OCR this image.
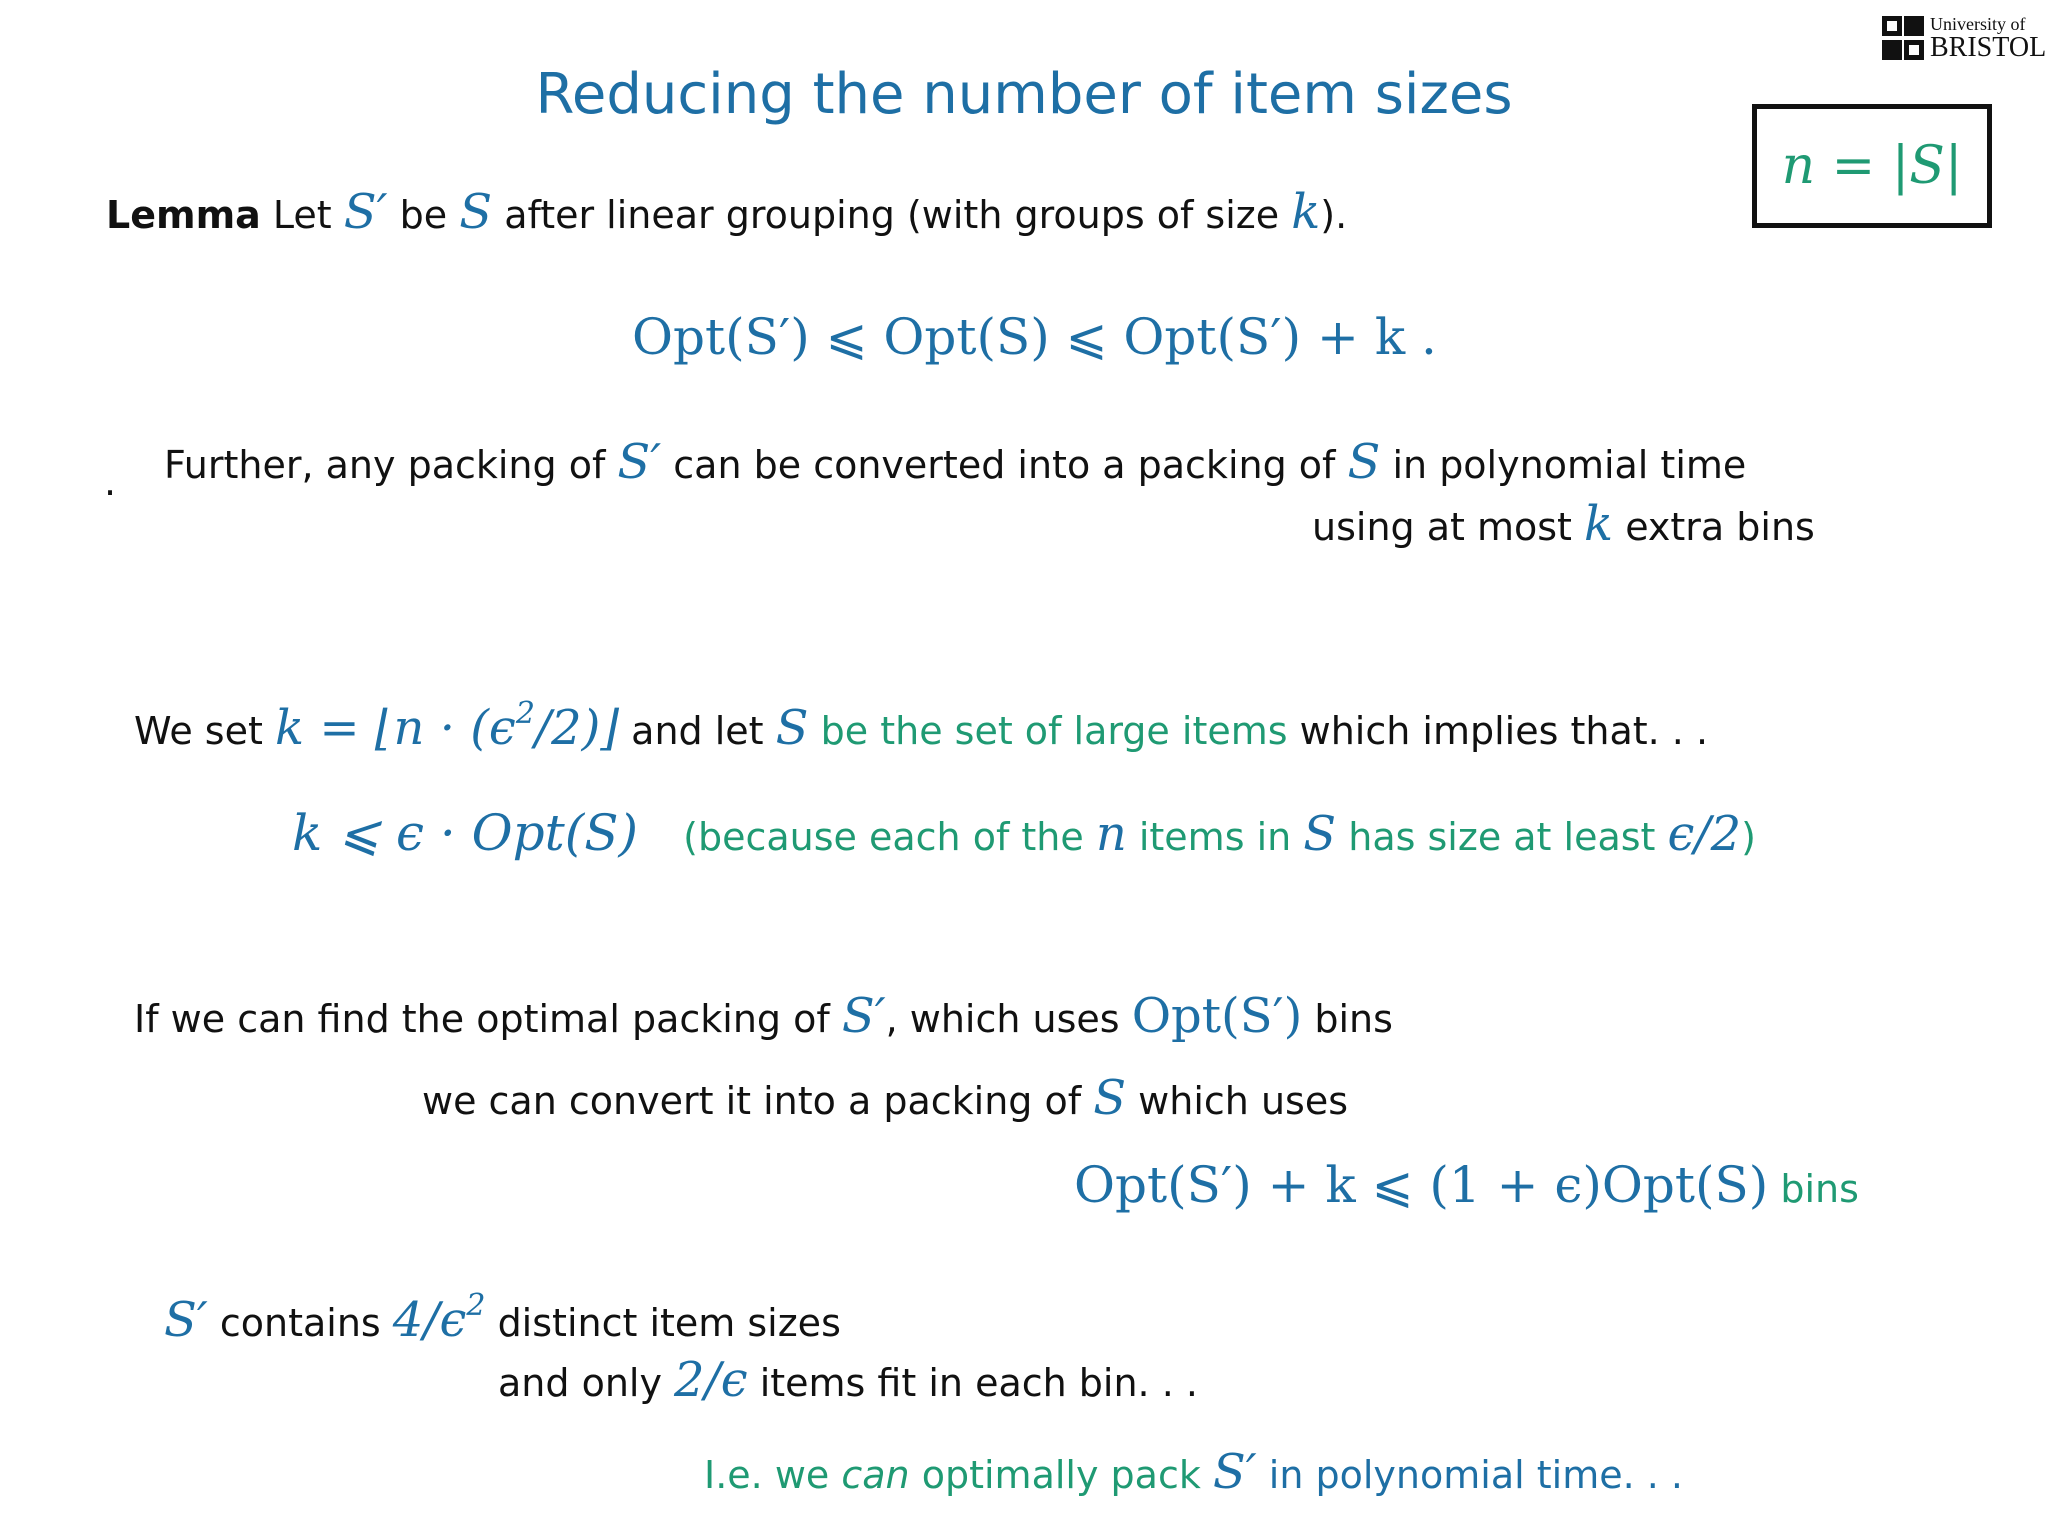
Reducing the number of item sizes
University of
BRISTOL
n = |S|
Lemma Let S′ be S after linear grouping (with groups of size k).
Opt(S′) ⩽ Opt(S) ⩽ Opt(S′) + k .
. Further, any packing of S′ can be converted into a packing of S in polynomial time
using at most k extra bins
We set k = ⌊n · $(\epsilon^2/2)⌋$ and let S be the set of large items which implies that. . .
k ⩽ ϵ · Opt(S) (because each of the n items in S has size at least ϵ/2)
If we can find the optimal packing of S′, which uses Opt(S′) bins
we can convert it into a packing of S which uses
Opt(S′) + k ⩽ (1 + ϵ)Opt(S) bins
S′ contains $4/\epsilon^2$ distinct item sizes
and only 2/ϵ items fit in each bin. . .
I.e. we can optimally pack S′ in polynomial time. . .
